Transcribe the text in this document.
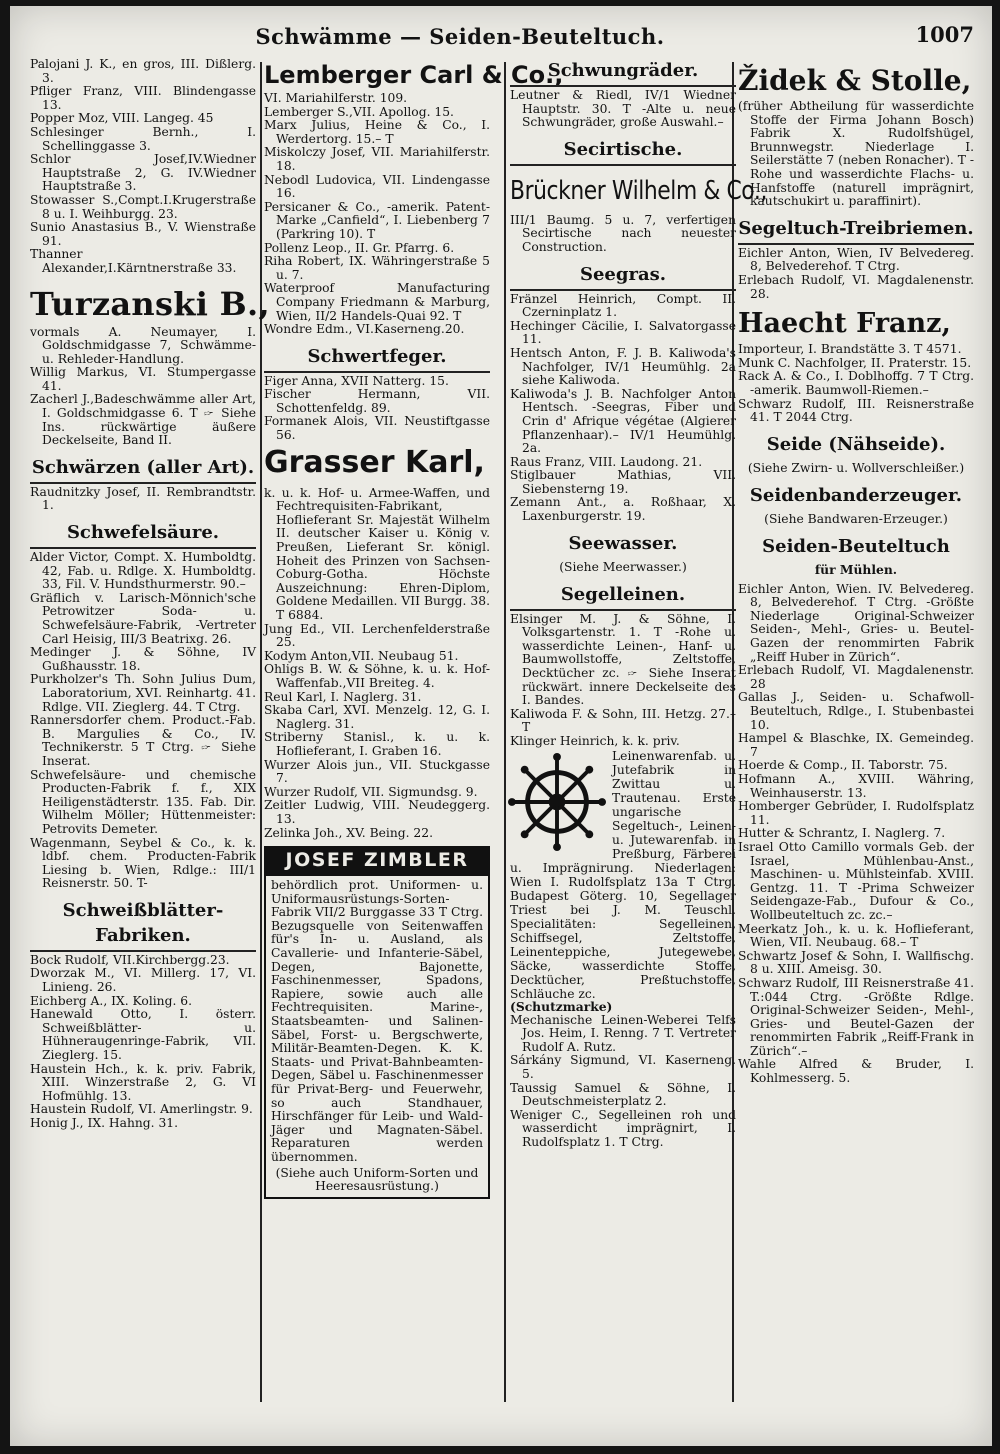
Schwämme — Seiden-Beuteltuch.	1007

Palojani J. K., en gros, III. Dißlerg. 3.

Pfliger Franz, VIII. Blindengasse 13.

Popper Moz, VIII. Langeg. 45

Schlesinger Bernh., I. Schellinggasse 3.

Schlor Josef,IV.Wiedner Hauptstraße 2, G. IV.Wiedner Hauptstraße 3.

Stowasser S.,Compt.I.Krugerstraße 8 u. I. Weihburgg. 23.

Sunio Anastasius B., V. Wienstraße 91.

Thanner Alexander,I.Kärntnerstraße 33.

Turzanski B.,

vormals A. Neumayer, I. Goldschmidgasse 7, Schwämme- u. Rehleder-Handlung.

Willig Markus, VI. Stumpergasse 41.

Zacherl J.,Badeschwämme aller Art, I. Goldschmidgasse 6. T 🖙 Siehe Ins. rückwärtige äußere Deckelseite, Band II.

Schwärzen (aller Art).

Raudnitzky Josef, II. Rembrandtstr. 1.

Schwefelsäure.

Alder Victor, Compt. X. Humboldtg. 42, Fab. u. Rdlge. X. Humboldtg. 33, Fil. V. Hundsthurmerstr. 90.–

Gräflich v. Larisch-Mönnich'sche Petrowitzer Soda- u. Schwefelsäure-Fabrik, -Vertreter Carl Heisig, III/3 Beatrixg. 26.

Medinger J. & Söhne, IV Gußhausstr. 18.

Purkholzer's Th. Sohn Julius Dum, Laboratorium, XVI. Reinhartg. 41. Rdlge. VII. Zieglerg. 44. T Ctrg.

Rannersdorfer chem. Product.-Fab. B. Margulies & Co., IV. Technikerstr. 5 T Ctrg. 🖙 Siehe Inserat.

Schwefelsäure- und chemische Producten-Fabrik f. f., XIX Heiligenstädterstr. 135. Fab. Dir. Wilhelm Möller; Hüttenmeister: Petrovits Demeter.

Wagenmann, Seybel & Co., k. k. ldbf. chem. Producten-Fabrik Liesing b. Wien, Rdlge.: III/1 Reisnerstr. 50. T-

Schweißblätter-
Fabriken.

Bock Rudolf, VII.Kirchbergg.23.

Dworzak M., VI. Millerg. 17, VI. Linieng. 26.

Eichberg A., IX. Koling. 6.

Hanewald Otto, I. österr. Schweißblätter- u. Hühneraugenringe-Fabrik, VII. Zieglerg. 15.

Haustein Hch., k. k. priv. Fabrik, XIII. Winzerstraße 2, G. VI Hofmühlg. 13.

Haustein Rudolf, VI. Amerlingstr. 9.

Honig J., IX. Hahng. 31.

Lemberger Carl & Co.,

VI. Mariahilferstr. 109.

Lemberger S.,VII. Apollog. 15.

Marx Julius, Heine & Co., I. Werdertorg. 15.– T

Miskolczy Josef, VII. Mariahilferstr. 18.

Nebodl Ludovica, VII. Lindengasse 16.

Persicaner & Co., -amerik. Patent-Marke „Canfield“, I. Liebenberg 7 (Parkring 10). T

Pollenz Leop., II. Gr. Pfarrg. 6.

Riha Robert, IX. Währingerstraße 5 u. 7.

Waterproof Manufacturing Company Friedmann & Marburg, Wien, II/2 Handels-Quai 92. T

Wondre Edm., VI.Kaserneng.20.

Schwertfeger.

Figer Anna, XVII Natterg. 15.

Fischer Hermann, VII. Schottenfeldg. 89.

Formanek Alois, VII. Neustiftgasse 56.

Grasser Karl,

k. u. k. Hof- u. Armee-Waffen, und Fechtrequisiten-Fabrikant, Hoflieferant Sr. Majestät Wilhelm II. deutscher Kaiser u. König v. Preußen, Lieferant Sr. königl. Hoheit des Prinzen von Sachsen-Coburg-Gotha. Höchste Auszeichnung: Ehren-Diplom, Goldene Medaillen. VII Burgg. 38. T 6884.

Jung Ed., VII. Lerchenfelderstraße 25.

Kodym Anton,VII. Neubaug 51.

Ohligs B. W. & Söhne, k. u. k. Hof-Waffenfab.,VII Breiteg. 4.

Reul Karl, I. Naglerg. 31.

Skaba Carl, XVI. Menzelg. 12, G. I. Naglerg. 31.

Striberny Stanisl., k. u. k. Hoflieferant, I. Graben 16.

Wurzer Alois jun., VII. Stuckgasse 7.

Wurzer Rudolf, VII. Sigmundsg. 9.

Zeitler Ludwig, VIII. Neudeggerg. 13.

Zelinka Joh., XV. Being. 22.

JOSEF ZIMBLER

behördlich prot. Uniformen- u. Uniformausrüstungs-Sorten-Fabrik VII/2 Burggasse 33 T Ctrg. Bezugsquelle von Seitenwaffen für's In- u. Ausland, als Cavallerie- und Infanterie-Säbel, Degen, Bajonette, Faschinenmesser, Spadons, Rapiere, sowie auch alle Fechtrequisiten. Marine-, Staatsbeamten- und Salinen-Säbel, Forst- u. Bergschwerte, Militär-Beamten-Degen. K. K. Staats- und Privat-Bahnbeamten-Degen, Säbel u. Faschinenmesser für Privat-Berg- und Feuerwehr, so auch Standhauer, Hirschfänger für Leib- und Wald-Jäger und Magnaten-Säbel. Reparaturen werden übernommen.

(Siehe auch Uniform-Sorten und Heeresausrüstung.)

Schwungräder.

Leutner & Riedl, IV/1 Wiedner Hauptstr. 30. T -Alte u. neue Schwungräder, große Auswahl.–

Secirtische.
Brückner Wilhelm & Co.,

III/1 Baumg. 5 u. 7, verfertigen Secirtische nach neuester Construction.

Seegras.

Fränzel Heinrich, Compt. II. Czerninplatz 1.

Hechinger Cäcilie, I. Salvatorgasse 11.

Hentsch Anton, F. J. B. Kaliwoda's Nachfolger, IV/1 Heumühlg. 2a siehe Kaliwoda.

Kaliwoda's J. B. Nachfolger Anton Hentsch. -Seegras, Fiber und Crin d' Afrique végétae (Algierer Pflanzenhaar).– IV/1 Heumühlg. 2a.

Raus Franz, VIII. Laudong. 21.

Stiglbauer Mathias, VII. Siebensterng 19.

Zemann Ant., a. Roßhaar, X. Laxenburgerstr. 19.

Seewasser.
(Siehe Meerwasser.)
Segelleinen.

Elsinger M. J. & Söhne, I. Volksgartenstr. 1. T -Rohe u. wasserdichte Leinen-, Hanf- u. Baumwollstoffe, Zeltstoffe, Decktücher zc. 🖙 Siehe Inserat rückwärt. innere Deckelseite des I. Bandes.

Kaliwoda F. & Sohn, III. Hetzg. 27.– T

Klinger Heinrich, k. k. priv.

Leinenwarenfab. u. Jutefabrik in Zwittau u. Trautenau. Erste ungarische Segeltuch-, Leinen- u. Jutewarenfab. in Preßburg, Färberei u. Imprägnirung. Niederlagen: Wien I. Rudolfsplatz 13a T Ctrg. Budapest Göterg. 10, Segellager Triest bei J. M. Teuschl. Specialitäten: Segelleinen, Schiffsegel, Zeltstoffe, Leinenteppiche, Jutegewebe, Säcke, wasserdichte Stoffe, Decktücher, Preßtuchstoffe, Schläuche zc.

(Schutzmarke)

Mechanische Leinen-Weberei Telfs Jos. Heim, I. Renng. 7 T. Vertreter Rudolf A. Rutz.

Sárkány Sigmund, VI. Kaserneng. 5.

Taussig Samuel & Söhne, I. Deutschmeisterplatz 2.

Weniger C., Segelleinen roh und wasserdicht imprägnirt, I. Rudolfsplatz 1. T Ctrg.

Židek & Stolle,

(früher Abtheilung für wasserdichte Stoffe der Firma Johann Bosch) Fabrik X. Rudolfshügel, Brunnwegstr. Niederlage I. Seilerstätte 7 (neben Ronacher). T -Rohe und wasserdichte Flachs- u. Hanfstoffe (naturell imprägnirt, kautschukirt u. paraffinirt).

Segeltuch-Treibriemen.

Eichler Anton, Wien, IV Belvedereg. 8, Belvederehof. T Ctrg.

Erlebach Rudolf, VI. Magdalenenstr. 28.

Haecht Franz,

Importeur, I. Brandstätte 3. T 4571.

Munk C. Nachfolger, II. Praterstr. 15.

Rack A. & Co., I. Doblhoffg. 7 T Ctrg. -amerik. Baumwoll-Riemen.–

Schwarz Rudolf, III. Reisnerstraße 41. T 2044 Ctrg.

Seide (Nähseide).
(Siehe Zwirn- u. Wollverschleißer.)
Seidenbanderzeuger.
(Siehe Bandwaren-Erzeuger.)
Seiden-Beuteltuch
für Mühlen.

Eichler Anton, Wien. IV. Belvedereg. 8, Belvederehof. T Ctrg. -Größte Niederlage Original-Schweizer Seiden-, Mehl-, Gries- u. Beutel-Gazen der renommirten Fabrik „Reiff Huber in Zürich“.

Erlebach Rudolf, VI. Magdalenenstr. 28

Gallas J., Seiden- u. Schafwoll-Beuteltuch, Rdlge., I. Stubenbastei 10.

Hampel & Blaschke, IX. Gemeindeg. 7

Hoerde & Comp., II. Taborstr. 75.

Hofmann A., XVIII. Währing, Weinhauserstr. 13.

Homberger Gebrüder, I. Rudolfsplatz 11.

Hutter & Schrantz, I. Naglerg. 7.

Israel Otto Camillo vormals Geb. der Israel, Mühlenbau-Anst., Maschinen- u. Mühlsteinfab. XVIII. Gentzg. 11. T -Prima Schweizer Seidengaze-Fab., Dufour & Co., Wollbeuteltuch zc. zc.–

Meerkatz Joh., k. u. k. Hoflieferant, Wien, VII. Neubaug. 68.– T

Schwartz Josef & Sohn, I. Wallfischg. 8 u. XIII. Ameisg. 30.

Schwarz Rudolf, III Reisnerstraße 41. T.:044 Ctrg. -Größte Rdlge. Original-Schweizer Seiden-, Mehl-, Gries- und Beutel-Gazen der renommirten Fabrik „Reiff-Frank in Zürich“.–

Wahle Alfred & Bruder, I. Kohlmesserg. 5.
